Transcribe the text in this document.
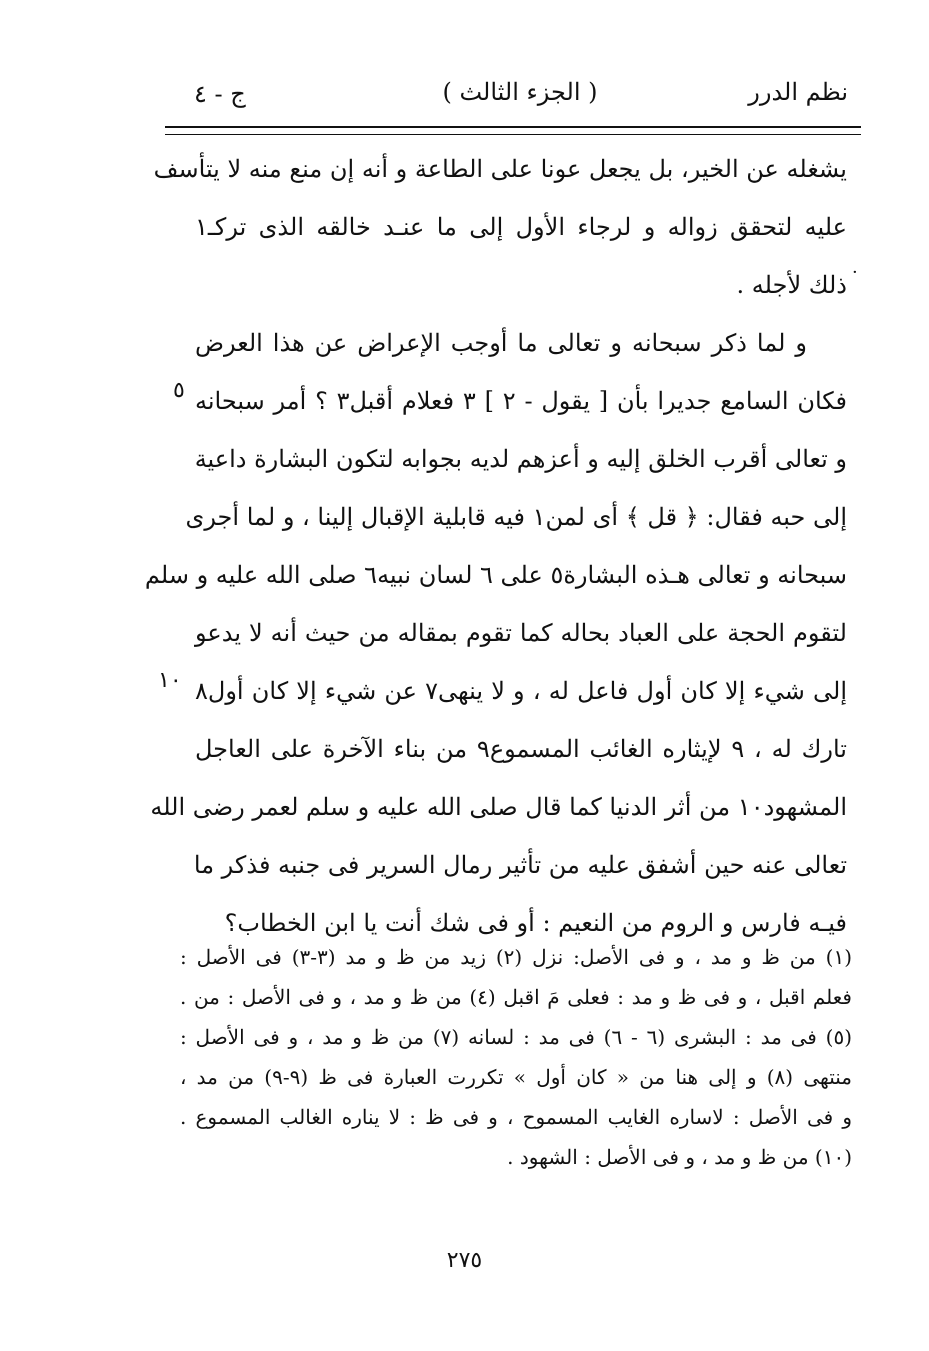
نظم الدرر
( الجزء الثالث )
ج - ٤
·
يشغله عن الخير، بل يجعل عونا على الطاعة و أنه إن منع منه لا يتأسف
عليه لتحقق زواله و لرجاء الأول إلى ما عنـد خالقه الذى تركـ١
ذلك لأجله .
و لما ذكر سبحانه و تعالى ما أوجب الإعراض عن هذا العرض
فكان السامع جديرا بأن [ يقول - ٢ ] ٣ فعلام أقبل٣ ؟ أمر سبحانه
و تعالى أقرب الخلق إليه و أعزهم لديه بجوابه لتكون البشارة داعية
إلى حبه فقال: ﴿ قل ﴾ أى لمن١ فيه قابلية الإقبال إلينا ، و لما أجرى
سبحانه و تعالى هـذه البشارة٥ على ٦ لسان نبيه٦ صلى الله عليه و سلم
لتقوم الحجة على العباد بحاله كما تقوم بمقاله من حيث أنه لا يدعو
إلى شيء إلا كان أول فاعل له ، و لا ينهى٧ عن شيء إلا كان أول٨
تارك له ، ٩ لإيثاره الغائب المسموع٩ من بناء الآخرة على العاجل
المشهود١٠ من أثر الدنيا كما قال صلى الله عليه و سلم لعمر رضى الله
تعالى عنه حين أشفق عليه من تأثير رمال السرير فى جنبه فذكر ما
فيـه فارس و الروم من النعيم : أو فى شك أنت يا ابن الخطاب؟
٥
١٠
(١) من ظ و مد ، و فى الأصل: نزل (٢) زيد من ظ و مد (٣-٣) فى الأصل :
فعلم اقبل ، و فى ظ و مد : فعلى مَ اقبل (٤) من ظ و مد ، و فى الأصل : من .
(٥) فى مد : البشرى (٦ - ٦) فى مد : لسانه (٧) من ظ و مد ، و فى الأصل :
منتهى (٨) و إلى هنا من « كان أول » تكررت العبارة فى ظ (٩-٩) من مد ،
و فى الأصل : لاساره الغايب المسموح ، و فى ظ : لا يناره الغالب المسموع .
(١٠) من ظ و مد ، و فى الأصل : الشهود .
٢٧٥
